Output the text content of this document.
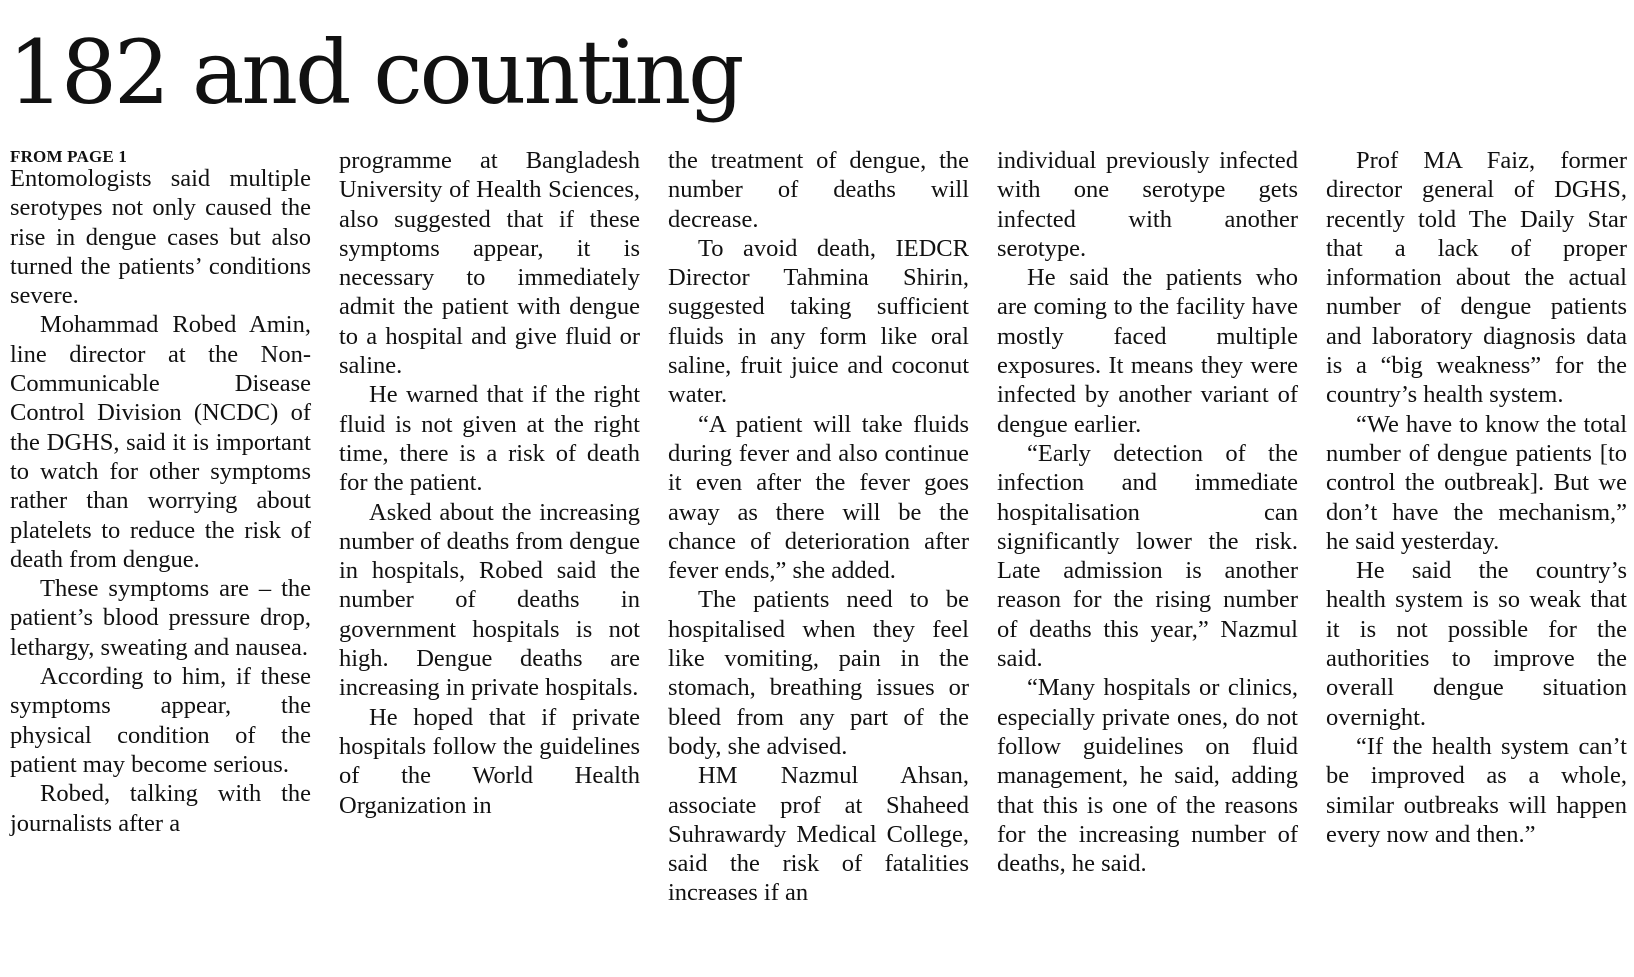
182 and counting
FROM PAGE 1

Entomologists said multiple serotypes not only caused the rise in dengue cases but also turned the patients’ conditions severe.

Mohammad Robed Amin, line director at the Non-Communicable Disease Control Division (NCDC) of the DGHS, said it is important to watch for other symptoms rather than worrying about platelets to reduce the risk of death from dengue.

These symptoms are – the patient’s blood pressure drop, lethargy, sweating and nausea.

According to him, if these symptoms appear, the physical condition of the patient may become serious.

Robed, talking with the journalists after a

programme at Bangladesh University of Health Sciences, also suggested that if these symptoms appear, it is necessary to immediately admit the patient with dengue to a hospital and give fluid or saline.

He warned that if the right fluid is not given at the right time, there is a risk of death for the patient.

Asked about the increasing number of deaths from dengue in hospitals, Robed said the number of deaths in government hospitals is not high. Dengue deaths are increasing in private hospitals.

He hoped that if private hospitals follow the guidelines of the World Health Organization in

the treatment of dengue, the number of deaths will decrease.

To avoid death, IEDCR Director Tahmina Shirin, suggested taking sufficient fluids in any form like oral saline, fruit juice and coconut water.

“A patient will take fluids during fever and also continue it even after the fever goes away as there will be the chance of deterioration after fever ends,” she added.

The patients need to be hospitalised when they feel like vomiting, pain in the stomach, breathing issues or bleed from any part of the body, she advised.

HM Nazmul Ahsan, associate prof at Shaheed Suhrawardy Medical College, said the risk of fatalities increases if an

individual previously infected with one serotype gets infected with another serotype.

He said the patients who are coming to the facility have mostly faced multiple exposures. It means they were infected by another variant of dengue earlier.

“Early detection of the infection and immediate hospitalisation can significantly lower the risk. Late admission is another reason for the rising number of deaths this year,” Nazmul said.

“Many hospitals or clinics, especially private ones, do not follow guidelines on fluid management, he said, adding that this is one of the reasons for the increasing number of deaths, he said.

Prof MA Faiz, former director general of DGHS, recently told The Daily Star that a lack of proper information about the actual number of dengue patients and laboratory diagnosis data is a “big weakness” for the country’s health system.

“We have to know the total number of dengue patients [to control the outbreak]. But we don’t have the mechanism,” he said yesterday.

He said the country’s health system is so weak that it is not possible for the authorities to improve the overall dengue situation overnight.

“If the health system can’t be improved as a whole, similar outbreaks will happen every now and then.”
